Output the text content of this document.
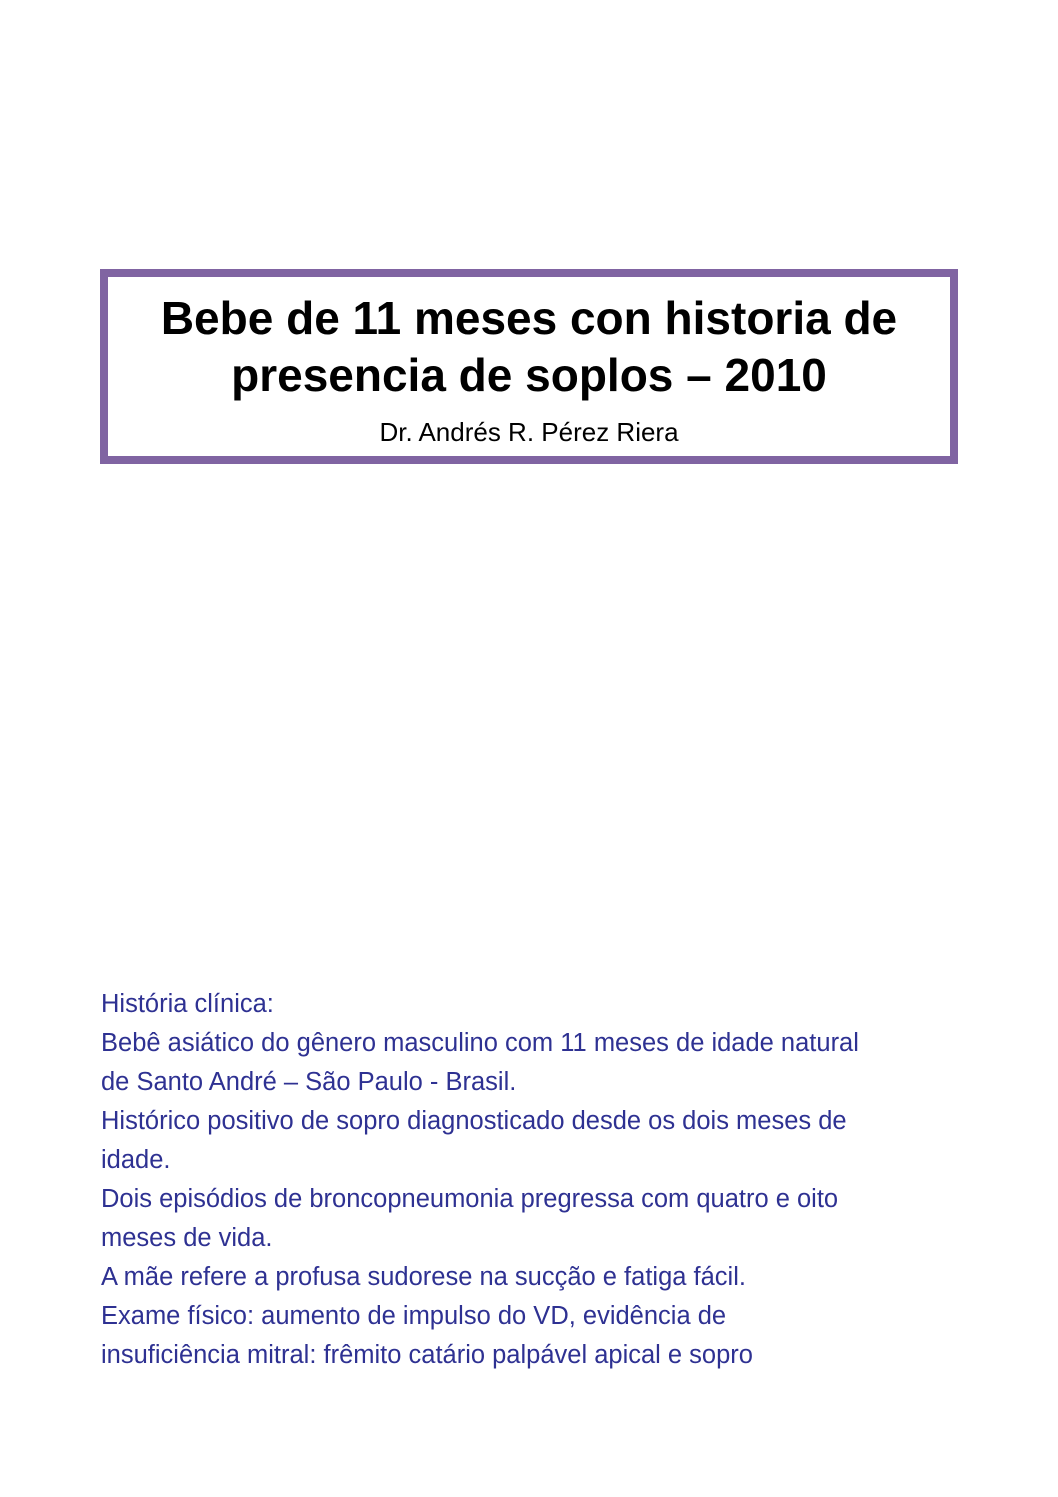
Bebe de 11 meses con historia de
presencia de soplos – 2010
Dr. Andrés R. Pérez Riera
História clínica:
Bebê asiático do gênero masculino com 11 meses de idade natural
de Santo André – São Paulo - Brasil.
Histórico positivo de sopro diagnosticado desde os dois meses de
idade.
Dois episódios de broncopneumonia pregressa com quatro e oito
meses de vida.
A mãe refere a profusa sudorese na sucção e fatiga fácil.
Exame físico: aumento de impulso do VD, evidência de
insuficiência mitral: frêmito catário palpável apical e sopro
